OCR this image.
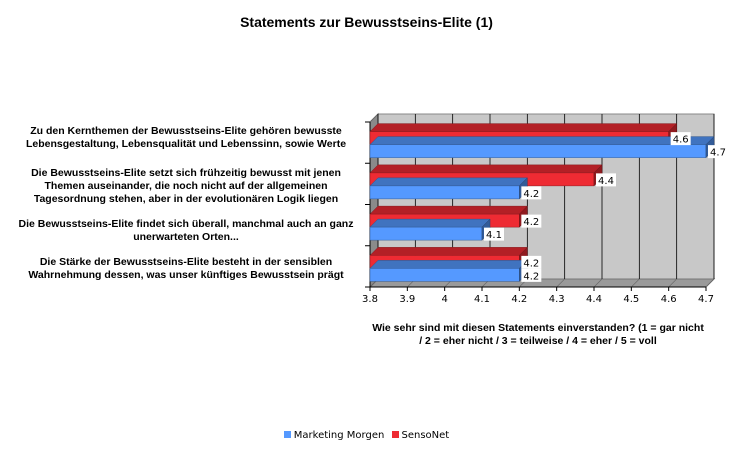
3.8 3.9	4	4.1 4.2 4.3 4.4 4.5 4.6 4.7
4.6
4.7
4.4
4.2
4.2
4.1
4.2
4.2
Statements zur Bewusstseins-Elite (1)
Zu den Kernthemen der Bewusstseins-Elite gehören bewusste Lebensgestaltung, Lebensqualität und Lebenssinn, sowie Werte
Die Bewusstseins-Elite setzt sich frühzeitig bewusst mit jenen Themen auseinander, die noch nicht auf der allgemeinen Tagesordnung stehen, aber in der evolutionären Logik liegen
Die Bewusstseins-Elite findet sich überall, manchmal auch an ganz unerwarteten Orten...
Die Stärke der Bewusstseins-Elite besteht in der sensiblen Wahrnehmung dessen, was unser künftiges Bewusstsein prägt
Wie sehr sind mit diesen Statements einverstanden? (1 = gar nicht / 2 = eher nicht / 3 = teilweise / 4 = eher / 5 = voll
Marketing Morgen SensoNet
